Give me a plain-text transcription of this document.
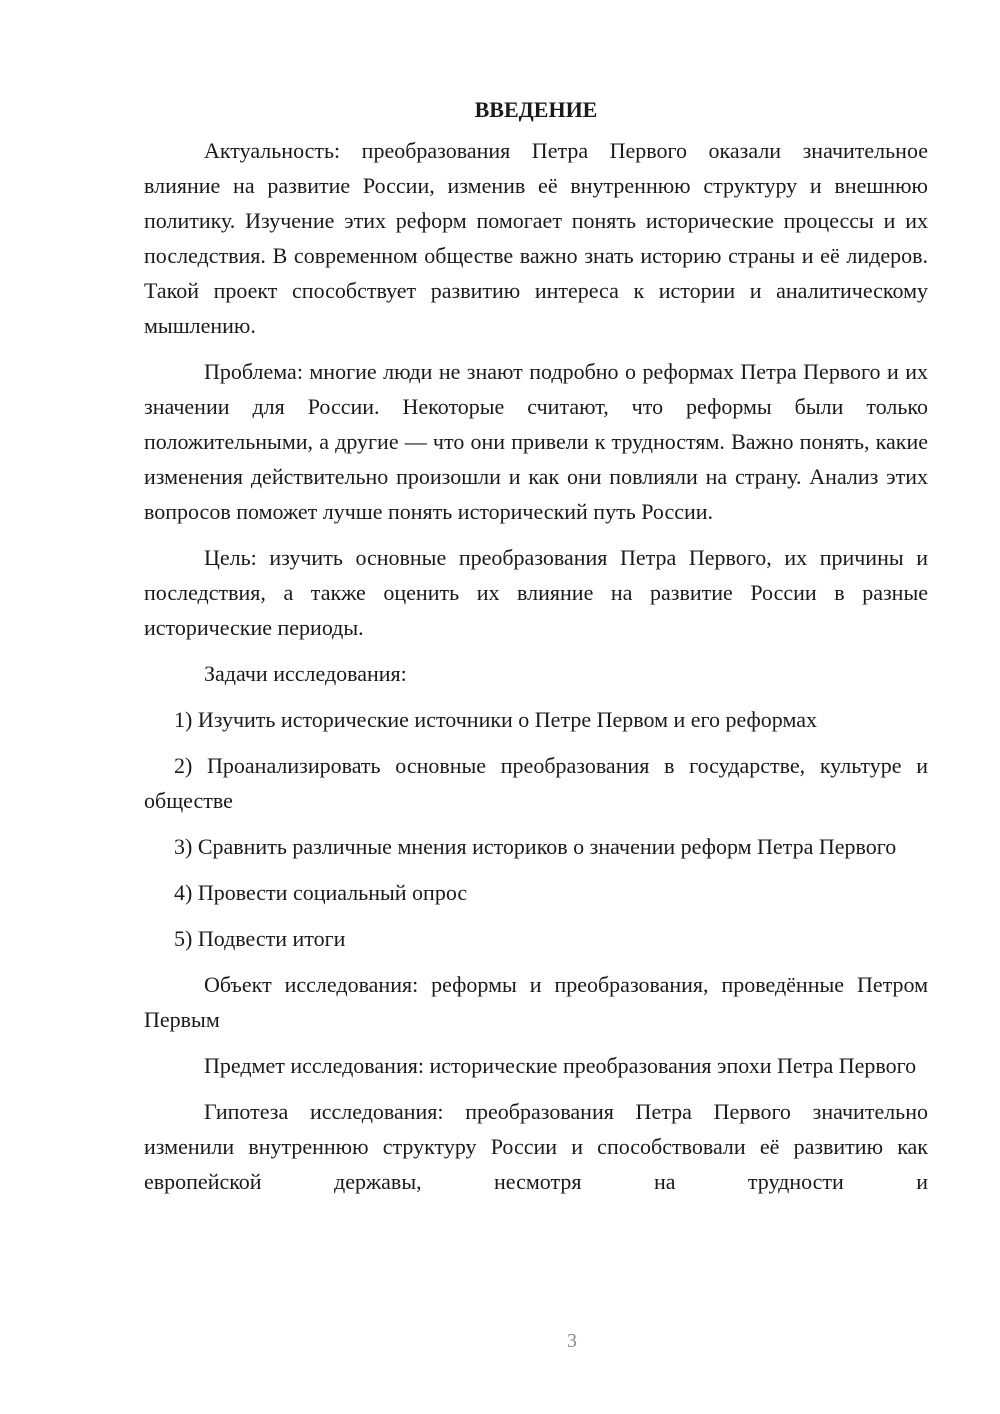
ВВЕДЕНИЕ

Актуальность: преобразования Петра Первого оказали значительное влияние на развитие России, изменив её внутреннюю структуру и внешнюю политику. Изучение этих реформ помогает понять исторические процессы и их последствия. В современном обществе важно знать историю страны и её лидеров. Такой проект способствует развитию интереса к истории и аналитическому мышлению.

Проблема: многие люди не знают подробно о реформах Петра Первого и их значении для России. Некоторые считают, что реформы были только положительными, а другие — что они привели к трудностям. Важно понять, какие изменения действительно произошли и как они повлияли на страну. Анализ этих вопросов поможет лучше понять исторический путь России.

Цель: изучить основные преобразования Петра Первого, их причины и последствия, а также оценить их влияние на развитие России в разные исторические периоды.

Задачи исследования:

1) Изучить исторические источники о Петре Первом и его реформах

2) Проанализировать основные преобразования в государстве, культуре и обществе

3) Сравнить различные мнения историков о значении реформ Петра Первого

4) Провести социальный опрос

5) Подвести итоги

Объект исследования: реформы и преобразования, проведённые Петром Первым

Предмет исследования: исторические преобразования эпохи Петра Первого

Гипотеза исследования: преобразования Петра Первого значительно изменили внутреннюю структуру России и способствовали её развитию как европейской державы, несмотря на трудности и

3
